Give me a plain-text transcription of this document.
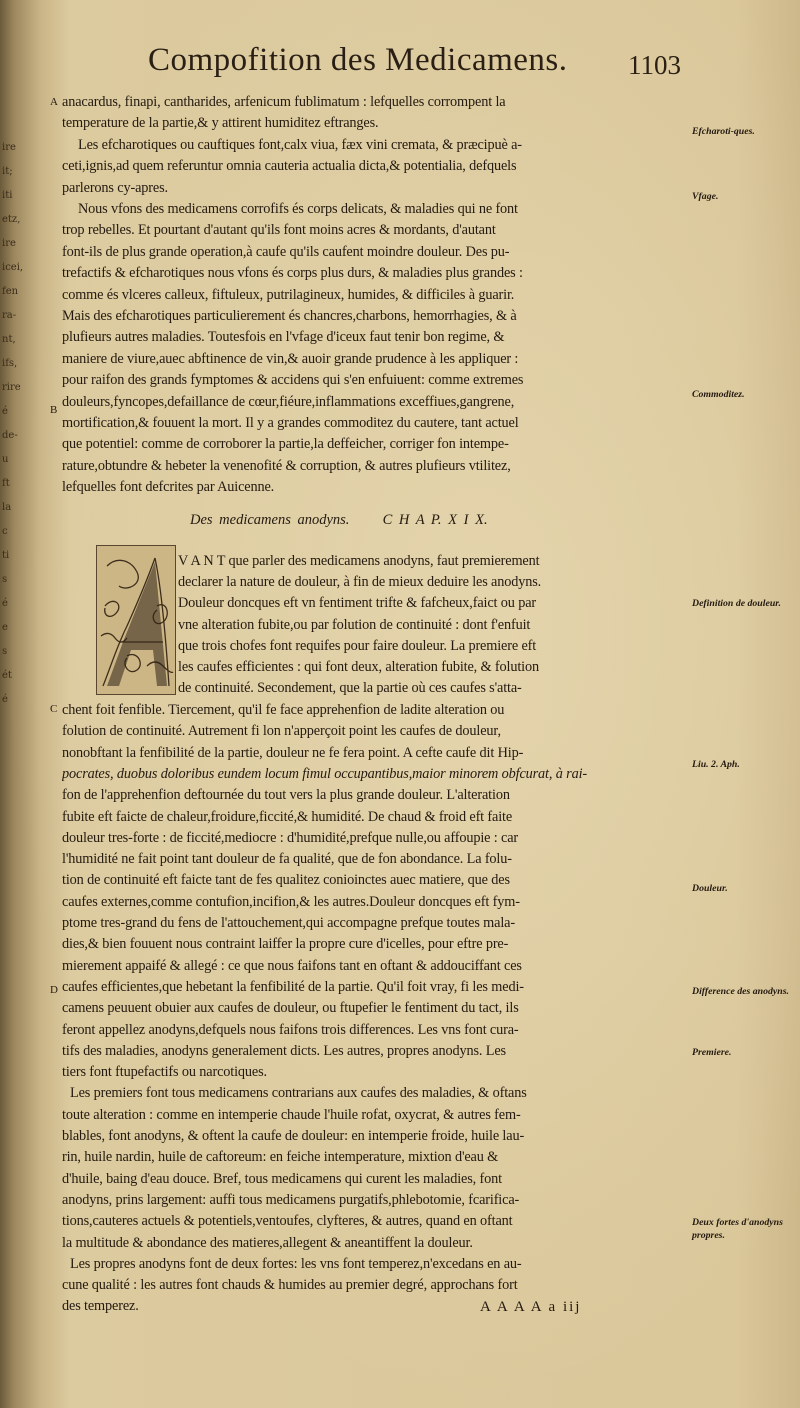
ire
it;
iti
etz,
ire
icei,
fen
ra-
nt,
ifs,
rire
é
de-
u
ft
la
c
ti
s
é
e
s
ét
é
Compofition des Medicamens. 1103
anacardus, finapi, cantharides, arfenicum fublimatum : lefquelles corrompent la
temperature de la partie,& y attirent humiditez eftranges.
Les efcharotiques ou cauftiques font,calx viua, fæx vini cremata, & præcipuè a-
ceti,ignis,ad quem referuntur omnia cauteria actualia dicta,& potentialia, defquels
parlerons cy-apres.
Nous vfons des medicamens corrofifs és corps delicats, & maladies qui ne font
trop rebelles. Et pourtant d'autant qu'ils font moins acres & mordants, d'autant
font-ils de plus grande operation,à caufe qu'ils caufent moindre douleur. Des pu-
trefactifs & efcharotiques nous vfons és corps plus durs, & maladies plus grandes :
comme és vlceres calleux, fiftuleux, putrilagineux, humides, & difficiles à guarir.
Mais des efcharotiques particulierement és chancres,charbons, hemorrhagies, & à
plufieurs autres maladies. Toutesfois en l'vfage d'iceux faut tenir bon regime, &
maniere de viure,auec abftinence de vin,& auoir grande prudence à les appliquer :
pour raifon des grands fymptomes & accidens qui s'en enfuiuent: comme extremes
douleurs,fyncopes,defaillance de cœur,fiéure,inflammations exceffiues,gangrene,
mortification,& fouuent la mort. Il y a grandes commoditez du cautere, tant actuel
que potentiel: comme de corroborer la partie,la deffeicher, corriger fon intempe-
rature,obtundre & hebeter la venenofité & corruption, & autres plufieurs vtilitez,
lefquelles font defcrites par Auicenne.
Des medicamens anodyns. C H A P. X I X.
V A N T que parler des medicamens anodyns, faut premierement
declarer la nature de douleur, à fin de mieux deduire les anodyns.
Douleur doncques eft vn fentiment trifte & fafcheux,faict ou par
vne alteration fubite,ou par folution de continuité : dont f'enfuit
que trois chofes font requifes pour faire douleur. La premiere eft
les caufes efficientes : qui font deux, alteration fubite, & folution
de continuité. Secondement, que la partie où ces caufes s'atta-
chent foit fenfible. Tiercement, qu'il fe face apprehenfion de ladite alteration ou
folution de continuité. Autrement fi lon n'apperçoit point les caufes de douleur,
nonobftant la fenfibilité de la partie, douleur ne fe fera point. A cefte caufe dit Hip-
pocrates, duobus doloribus eundem locum fimul occupantibus,maior minorem obfcurat, à rai-
fon de l'apprehenfion deftournée du tout vers la plus grande douleur. L'alteration
fubite eft faicte de chaleur,froidure,ficcité,& humidité. De chaud & froid eft faite
douleur tres-forte : de ficcité,mediocre : d'humidité,prefque nulle,ou affoupie : car
l'humidité ne fait point tant douleur de fa qualité, que de fon abondance. La folu-
tion de continuité eft faicte tant de fes qualitez conioinctes auec matiere, que des
caufes externes,comme contufion,incifion,& les autres.Douleur doncques eft fym-
ptome tres-grand du fens de l'attouchement,qui accompagne prefque toutes mala-
dies,& bien fouuent nous contraint laiffer la propre cure d'icelles, pour eftre pre-
mierement appaifé & allegé : ce que nous faifons tant en oftant & addouciffant ces
caufes efficientes,que hebetant la fenfibilité de la partie. Qu'il foit vray, fi les medi-
camens peuuent obuier aux caufes de douleur, ou ftupefier le fentiment du tact, ils
feront appellez anodyns,defquels nous faifons trois differences. Les vns font cura-
tifs des maladies, anodyns generalement dicts. Les autres, propres anodyns. Les
tiers font ftupefactifs ou narcotiques.
Les premiers font tous medicamens contrarians aux caufes des maladies, & oftans
toute alteration : comme en intemperie chaude l'huile rofat, oxycrat, & autres fem-
blables, font anodyns, & oftent la caufe de douleur: en intemperie froide, huile lau-
rin, huile nardin, huile de caftoreum: en feiche intemperature, mixtion d'eau &
d'huile, baing d'eau douce. Bref, tous medicamens qui curent les maladies, font
anodyns, prins largement: auffi tous medicamens purgatifs,phlebotomie, fcarifica-
tions,cauteres actuels & potentiels,ventoufes, clyfteres, & autres, quand en oftant
la multitude & abondance des matieres,allegent & aneantiffent la douleur.
Les propres anodyns font de deux fortes: les vns font temperez,n'excedans en au-
cune qualité : les autres font chauds & humides au premier degré, approchans fort
des temperez.
Efcharoti-ques.
Vfage.
Commoditez.
Definition de douleur.
Liu. 2. Aph.
Douleur.
Difference des anodyns.
Premiere.
Deux fortes d'anodyns propres.
A
B
C
D
A A A A a iij
